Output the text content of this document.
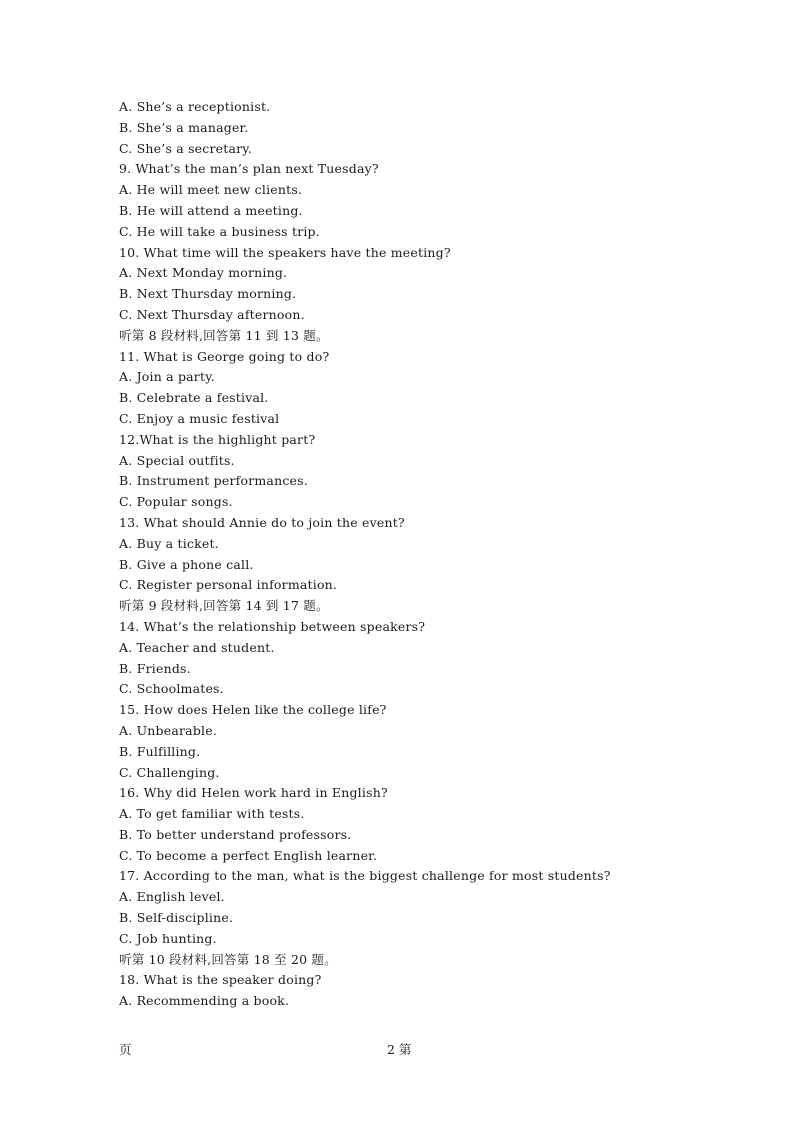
A. She’s a receptionist.
B. She’s a manager.
C. She’s a secretary.
9. What’s the man’s plan next Tuesday?
A. He will meet new clients.
B. He will attend a meeting.
C. He will take a business trip.
10. What time will the speakers have the meeting?
A. Next Monday morning.
B. Next Thursday morning.
C. Next Thursday afternoon.
听第 8 段材料,回答第 11 到 13 题。
11. What is George going to do?
A. Join a party.
B. Celebrate a festival.
C. Enjoy a music festival
12.What is the highlight part?
A. Special outfits.
B. Instrument performances.
C. Popular songs.
13. What should Annie do to join the event?
A. Buy a ticket.
B. Give a phone call.
C. Register personal information.
听第 9 段材料,回答第 14 到 17 题。
14. What’s the relationship between speakers?
A. Teacher and student.
B. Friends.
C. Schoolmates.
15. How does Helen like the college life?
A. Unbearable.
B. Fulfilling.
C. Challenging.
16. Why did Helen work hard in English?
A. To get familiar with tests.
B. To better understand professors.
C. To become a perfect English learner.
17. According to the man, what is the biggest challenge for most students?
A. English level.
B. Self-discipline.
C. Job hunting.
听第 10 段材料,回答第 18 至 20 题。
18. What is the speaker doing?
A. Recommending a book.
页	2 第
